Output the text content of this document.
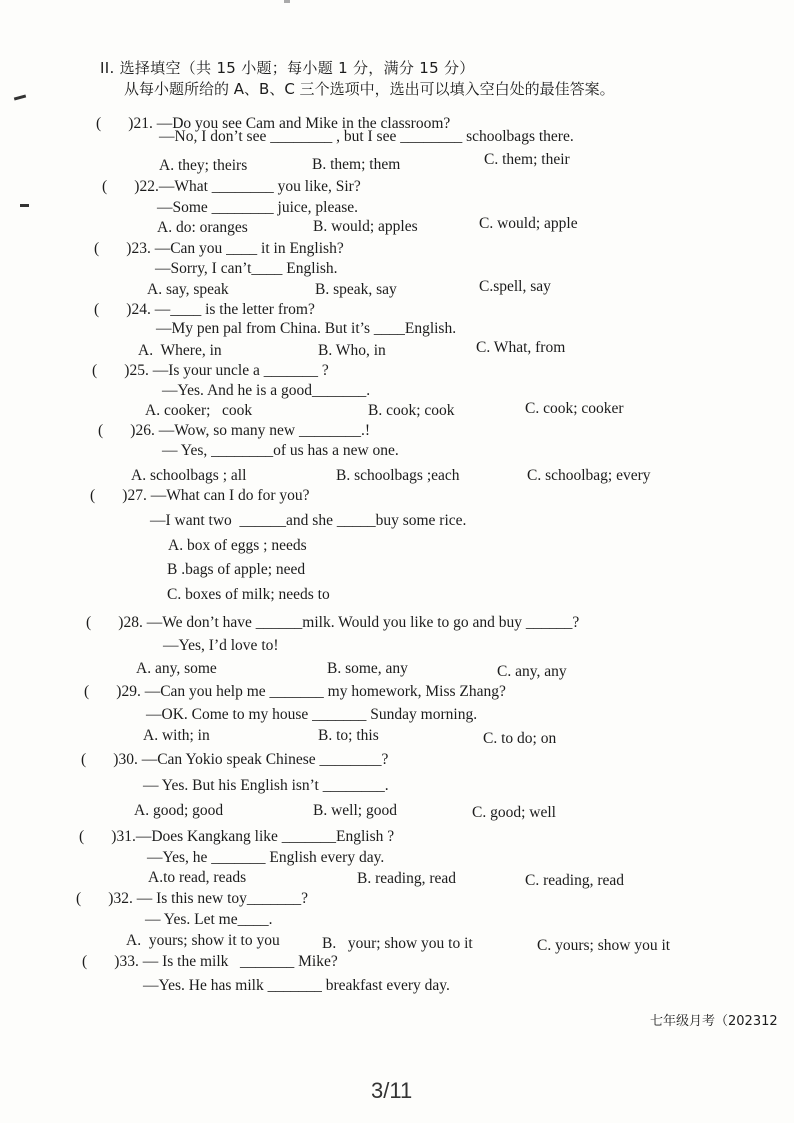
II. 选择填空（共 15 小题；每小题 1 分，满分 15 分）
从每小题所给的 A、B、C 三个选项中，选出可以填入空白处的最佳答案。
(       )21. —Do you see Cam and Mike in the classroom?
—No, I don’t see ________ , but I see ________ schoolbags there.
A. they; theirs	B. them; them	C. them; their
(       )22.—What ________ you like, Sir?
—Some ________ juice, please.
A. do: oranges	B. would; apples	C. would; apple
(       )23. —Can you ____ it in English?
—Sorry, I can’t____ English.
A. say, speak	B. speak, say	C.spell, say
(       )24. —____ is the letter from?
—My pen pal from China. But it’s ____English.
A.  Where, in	B. Who, in	C. What, from
(       )25. —Is your uncle a _______ ?
—Yes. And he is a good_______.
A. cooker;   cook	B. cook; cook	C. cook; cooker
(       )26. —Wow, so many new ________.!
— Yes, ________of us has a new one.
A. schoolbags ; all	B. schoolbags ;each	C. schoolbag; every
(       )27. —What can I do for you?
—I want two  ______and she _____buy some rice.
A. box of eggs ; needs
B .bags of apple; need
C. boxes of milk; needs to
(       )28. —We don’t have ______milk. Would you like to go and buy ______?
—Yes, I’d love to!
A. any, some	B. some, any	C. any, any
(       )29. —Can you help me _______ my homework, Miss Zhang?
—OK. Come to my house _______ Sunday morning.
A. with; in	B. to; this	C. to do; on
(       )30. —Can Yokio speak Chinese ________?
— Yes. But his English isn’t ________.
A. good; good	B. well; good	C. good; well
(       )31.—Does Kangkang like _______English ?
—Yes, he _______ English every day.
A.to read, reads	B. reading, read	C. reading, read
(       )32. — Is this new toy_______?
— Yes. Let me____.
A.  yours; show it to you	B.   your; show you to it	C. yours; show you it
(       )33. — Is the milk   _______ Mike?
—Yes. He has milk _______ breakfast every day.
七年级月考（202312
3/11
